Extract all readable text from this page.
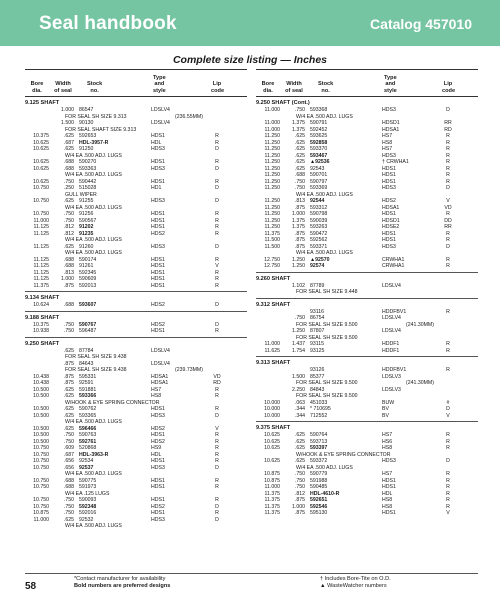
Seal handbook	Catalog 457010
Complete size listing — Inches
Bore
dia.
Width
of seal
Stock
no.
Type
and
style
Lip
code
9.125 SHAFT
1.000 86547	LDSLV4
FOR SEAL SH SIZE 9.313	(236.55MM)
1.500 90130	LDSLV4
FOR SEAL SHAFT SIZE 9.313
10.375	.625 592653	HDS1	R
10.625	.687 HDL-3957-R	HDL	R
10.625	.625 91250	HDS3	D
W/4 EA .500 ADJ. LUGS
10.625	.688 590270	HDS1	R
10.625	.688 593363	HDS3	D
W/4 EA .500 ADJ. LUGS
10.625	.750 590442	HDS1	R
10.750	.250 515028	HD1	D
GULL WIPER
10.750	.625 91255	HDS3	D
W/4 EA .500 ADJ. LUGS
10.750	.750 91256	HDS1	R
11.000	.750 590567	HDS1	R
11.125	.812 91202	HDS1	R
11.125	.812 91235	HDS2	R
W/4 EA .500 ADJ. LUGS
11.125	.625 91260	HDS3	D
W/4 EA .500 ADJ. LUGS
11.125	.688 590174	HDS1	R
11.125	.688 91261	HDS1	V
11.125	.813 592345	HDS1	R
11.125	1.000 590609	HDS1	R
11.375	.875 592013	HDS1	R
9.134 SHAFT
10.624	.688 593607	HDS2	D
9.188 SHAFT
10.375	.750 590767	HDS2	D
10.938	.750 596487	HDS1	R
9.250 SHAFT
.625 87784	LDSLV4
FOR SEAL SH SIZE 9.438
.875 84643	LDSLV4
FOR SEAL SH SIZE 9.438	(239.73MM)
10.438	.875 595331	HDSA1	VD
10.438	.875 92591	HDSA1	RD
10.500	.625 591881	HS7	R
10.500	.625 593366	HS8	R
W/HOOK & EYE SPRING CONNECTOR
10.500	.625 590762	HDS1	R
10.500	.625 593365	HDS3	D
W/4 EA .500 ADJ. LUGS
10.500	.625 596466	HDS2	V
10.500	.750 590763	HDS1	R
10.500	.750 592761	HDS2	R
10.750	.609 520868	HS9	R
10.750	.687 HDL-3963-R	HDL	R
10.750	.656 92534	HDS1	R
10.750	.656 92537	HDS3	D
W/4 EA .500 ADJ. LUGS
10.750	.688 590775	HDS1	R
10.750	.688 591973	HDS1	R
W/4 EA .125 LUGS
10.750	.750 590093	HDS1	R
10.750	.750 592348	HDS2	D
10.875	.750 592016	HDS1	R
11.000	.625 92532	HDS3	D
W/4 EA .500 ADJ. LUGS
Bore
dia.
Width
of seal
Stock
no.
Type
and
style
Lip
code
9.250 SHAFT (Cont.)
11.000	.750 593368	HDS3	D
W/4 EA .500 ADJ. LUGS
11.000	1.375 590791	HDSD1	RR
11.000	1.375 592452	HDSA1	RD
11.250	.625 593625	HS7	R
11.250	.625 592858	HS8	R
11.250	.625 593370	HS7	R
11.250	.625 593467	HDS3	R
11.250	.625 ▲92536	† CRWHA1	R
11.250	.625 92543	HDS1	R
11.250	.688 590701	HDS1	R
11.250	.750 590797	HDS1	R
11.250	.750 593369	HDS3	D
W/4 EA .500 ADJ. LUGS
11.250	.813 92544	HDS2	V
11.250	.875 593312	HDSA1	VD
11.250	1.000 590798	HDS1	R
11.250	1.375 590039	HDSD1	DD
11.250	1.375 593263	HDSE2	RR
11.375	.875 590472	HDS1	R
11.500	.875 592562	HDS1	R
11.500	.875 593371	HDS3	D
W/4 EA .500 ADJ. LUGS
12.750	1.250 ▲92570	CRWHA1	R
12.750	1.250 92574	CRWHA1	R
9.260 SHAFT
1.102 87789	LDSLV4
FOR SEAL SH SIZE 9.448
9.312 SHAFT
93116	HDDFBV1	R
.750 86754	LDSLV4
FOR SEAL SH SIZE 9.500	(241.30MM)
1.250 87807	LDSLV4
FOR SEAL SH SIZE 9.500
11.000	1.437 93115	HDDF1	R
11.625	1.754 93125	HDDF1	R
9.313 SHAFT
93126	HDDFBV1	R
1.500 85377	LDSLV3
FOR SEAL SH SIZE 9.500	(241.30MM)
2.250 84843	LDSLV3
FOR SEAL SH SIZE 9.500
10.000	.063 451033	BUW	#
10.000	.344 * 710695	BV	D
10.000	.344 712552	BV	V
9.375 SHAFT
10.625	.625 590764	HS7	R
10.625	.625 593713	HS6	R
10.625	.625 593397	HS8	R
W/HOOK & EYE SPRING CONNECTOR
10.625	.625 593372	HDS3	D
W/4 EA .500 ADJ. LUGS
10.875	.750 590779	HS7	R
10.875	.750 591988	HDS1	R
11.000	.750 590485	HDS1	R
11.375	.812 HDL-4610-R	HDL	R
11.375	.875 592651	HS8	R
11.375	1.000 592546	HS8	R
11.375	.875 595130	HDS1	V
58
*Contact manufacturer for availability
Bold numbers are preferred designs
† Includes Bore-Tite on O.D.
▲ WasteWatcher numbers
